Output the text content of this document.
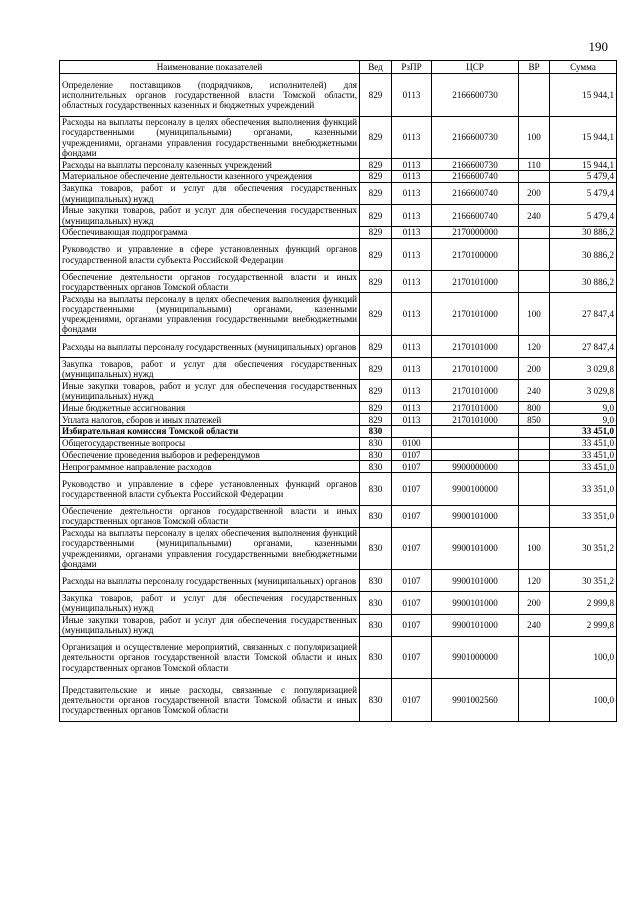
190
Наименование показателей	Вед	РзПР	ЦСР	ВР	Сумма
Определение поставщиков (подрядчиков, исполнителей) для исполнительных органов государственной власти Томской области, областных государственных казенных и бюджетных учреждений	829	0113	2166600730		15 944,1
Расходы на выплаты персоналу в целях обеспечения выполнения функций государственными (муниципальными) органами, казенными учреждениями, органами управления государственными внебюджетными фондами	829	0113	2166600730	100	15 944,1
Расходы на выплаты персоналу казенных учреждений	829	0113	2166600730	110	15 944,1
Материальное обеспечение деятельности казенного учреждения	829	0113	2166600740		5 479,4
Закупка товаров, работ и услуг для обеспечения государственных (муниципальных) нужд	829	0113	2166600740	200	5 479,4
Иные закупки товаров, работ и услуг для обеспечения государственных (муниципальных) нужд	829	0113	2166600740	240	5 479,4
Обеспечивающая подпрограмма	829	0113	2170000000		30 886,2
Руководство и управление в сфере установленных функций органов государственной власти субъекта Российской Федерации	829	0113	2170100000		30 886,2
Обеспечение деятельности органов государственной власти и иных государственных органов Томской области	829	0113	2170101000		30 886,2
Расходы на выплаты персоналу в целях обеспечения выполнения функций государственными (муниципальными) органами, казенными учреждениями, органами управления государственными внебюджетными фондами	829	0113	2170101000	100	27 847,4
Расходы на выплаты персоналу государственных (муниципальных) органов	829	0113	2170101000	120	27 847,4
Закупка товаров, работ и услуг для обеспечения государственных (муниципальных) нужд	829	0113	2170101000	200	3 029,8
Иные закупки товаров, работ и услуг для обеспечения государственных (муниципальных) нужд	829	0113	2170101000	240	3 029,8
Иные бюджетные ассигнования	829	0113	2170101000	800	9,0
Уплата налогов, сборов и иных платежей	829	0113	2170101000	850	9,0
Избирательная комиссия Томской области	830				33 451,0
Общегосударственные вопросы	830	0100			33 451,0
Обеспечение проведения выборов и референдумов	830	0107			33 451,0
Непрограммное направление расходов	830	0107	9900000000		33 451,0
Руководство и управление в сфере установленных функций органов государственной власти субъекта Российской Федерации	830	0107	9900100000		33 351,0
Обеспечение деятельности органов государственной власти и иных государственных органов Томской области	830	0107	9900101000		33 351,0
Расходы на выплаты персоналу в целях обеспечения выполнения функций государственными (муниципальными) органами, казенными учреждениями, органами управления государственными внебюджетными фондами	830	0107	9900101000	100	30 351,2
Расходы на выплаты персоналу государственных (муниципальных) органов	830	0107	9900101000	120	30 351,2
Закупка товаров, работ и услуг для обеспечения государственных (муниципальных) нужд	830	0107	9900101000	200	2 999,8
Иные закупки товаров, работ и услуг для обеспечения государственных (муниципальных) нужд	830	0107	9900101000	240	2 999,8
Организация и осуществление мероприятий, связанных с популяризацией деятельности органов государственной власти Томской области и иных государственных органов Томской области	830	0107	9901000000		100,0
Представительские и иные расходы, связанные с популяризацией деятельности органов государственной власти Томской области и иных государственных органов Томской области	830	0107	9901002560		100,0
